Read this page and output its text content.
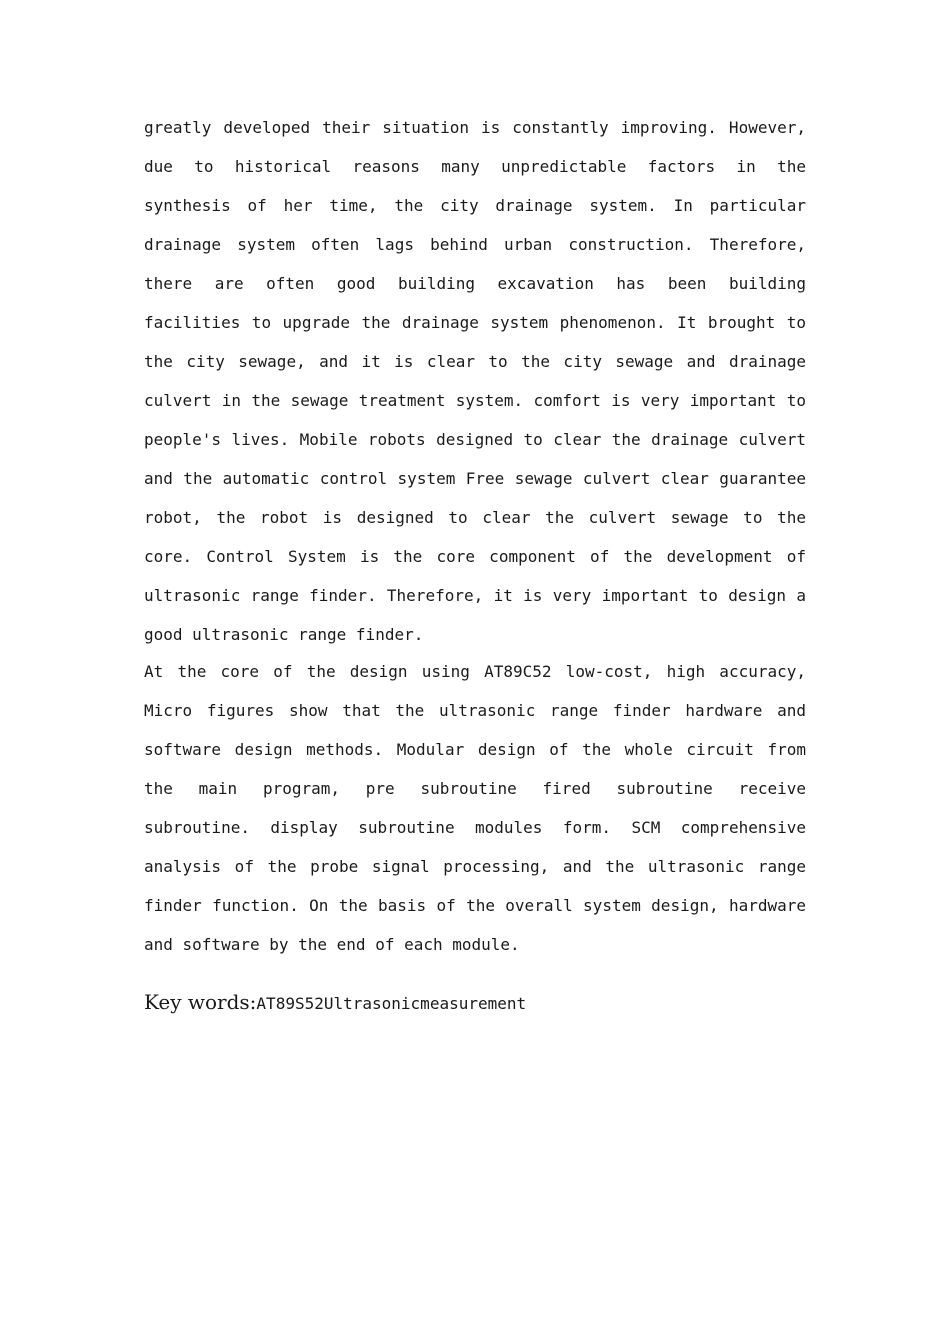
greatly developed their situation is constantly improving. However, due to historical reasons many unpredictable factors in the synthesis of her time, the city drainage system. In particular drainage system often lags behind urban construction. Therefore, there are often good building excavation has been building facilities to upgrade the drainage system phenomenon. It brought to the city sewage, and it is clear to the city sewage and drainage culvert in the sewage treatment system. comfort is very important to people's lives. Mobile robots designed to clear the drainage culvert and the automatic control system Free sewage culvert clear guarantee robot, the robot is designed to clear the culvert sewage to the core. Control System is the core component of the development of ultrasonic range finder. Therefore, it is very important to design a good ultrasonic range finder.

At the core of the design using AT89C52 low-cost, high accuracy, Micro figures show that the ultrasonic range finder hardware and software design methods. Modular design of the whole circuit from the main program, pre subroutine fired subroutine receive subroutine. display subroutine modules form. SCM comprehensive analysis of the probe signal processing, and the ultrasonic range finder function. On the basis of the overall system design, hardware and software by the end of each module.

Key words:AT89S52Ultrasonicmeasurement
